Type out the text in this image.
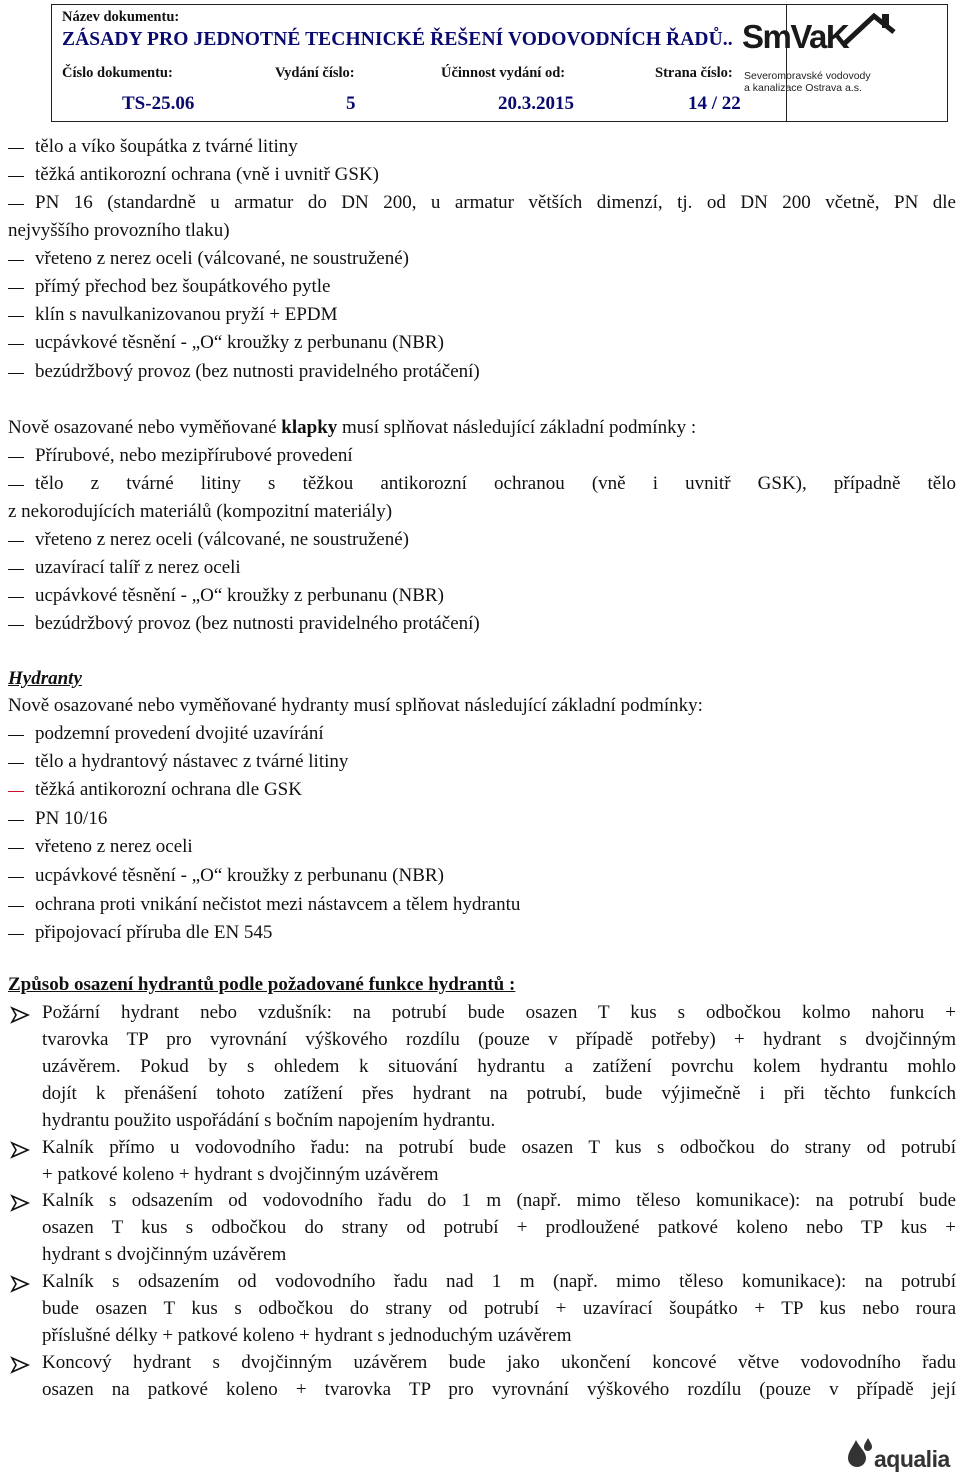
Název dokumentu:
ZÁSADY PRO JEDNOTNÉ TECHNICKÉ ŘEŠENÍ VODOVODNÍCH ŘADŮ..
Číslo dokumentu:	Vydání číslo:	Účinnost vydání od:	Strana číslo:
TS-25.06	5	20.3.2015	14 / 22
SmVaK
Severomoravské vodovody
a kanalizace Ostrava a.s.
tělo a víko šoupátka z tvárné litiny
těžká antikorozní ochrana (vně i uvnitř GSK)
PN 16 (standardně u armatur do DN 200, u armatur větších dimenzí, tj. od DN 200 včetně, PN dle
nejvyššího provozního tlaku)
vřeteno z nerez oceli (válcované, ne soustružené)
přímý přechod bez šoupátkového pytle
klín s navulkanizovanou pryží + EPDM
ucpávkové těsnění - „O“ kroužky z perbunanu (NBR)
bezúdržbový provoz (bez nutnosti pravidelného protáčení)
Nově osazované nebo vyměňované klapky musí splňovat následující základní podmínky :
Přírubové, nebo mezipřírubové provedení
tělo z tvárné litiny s těžkou antikorozní ochranou (vně i uvnitř GSK), případně tělo
z nekorodujících materiálů (kompozitní materiály)
vřeteno z nerez oceli (válcované, ne soustružené)
uzavírací talíř z nerez oceli
ucpávkové těsnění - „O“ kroužky z perbunanu (NBR)
bezúdržbový provoz (bez nutnosti pravidelného protáčení)
Hydranty
Nově osazované nebo vyměňované hydranty musí splňovat následující základní podmínky:
podzemní provedení dvojité uzavírání
tělo a hydrantový nástavec z tvárné litiny
těžká antikorozní ochrana dle GSK
PN 10/16
vřeteno z nerez oceli
ucpávkové těsnění - „O“ kroužky z perbunanu (NBR)
ochrana proti vnikání nečistot mezi nástavcem a tělem hydrantu
připojovací příruba dle EN 545
Způsob osazení hydrantů podle požadované funkce hydrantů :
Požární hydrant nebo vzdušník: na potrubí bude osazen T kus s odbočkou kolmo nahoru +
tvarovka TP pro vyrovnání výškového rozdílu (pouze v případě potřeby) + hydrant s dvojčinným
uzávěrem. Pokud by s ohledem k situování hydrantu a zatížení povrchu kolem hydrantu mohlo
dojít k přenášení tohoto zatížení přes hydrant na potrubí, bude výjimečně i při těchto funkcích
hydrantu použito uspořádání s bočním napojením hydrantu.
Kalník přímo u vodovodního řadu: na potrubí bude osazen T kus s odbočkou do strany od potrubí
+ patkové koleno + hydrant s dvojčinným uzávěrem
Kalník s odsazením od vodovodního řadu do 1 m (např. mimo těleso komunikace): na potrubí bude
osazen T kus s odbočkou do strany od potrubí + prodloužené patkové koleno nebo TP kus +
hydrant s dvojčinným uzávěrem
Kalník s odsazením od vodovodního řadu nad 1 m (např. mimo těleso komunikace): na potrubí
bude osazen T kus s odbočkou do strany od potrubí + uzavírací šoupátko + TP kus nebo roura
příslušné délky + patkové koleno + hydrant s jednoduchým uzávěrem
Koncový hydrant s dvojčinným uzávěrem bude jako ukončení koncové větve vodovodního řadu
osazen na patkové koleno + tvarovka TP pro vyrovnání výškového rozdílu (pouze v případě její
aqualia
